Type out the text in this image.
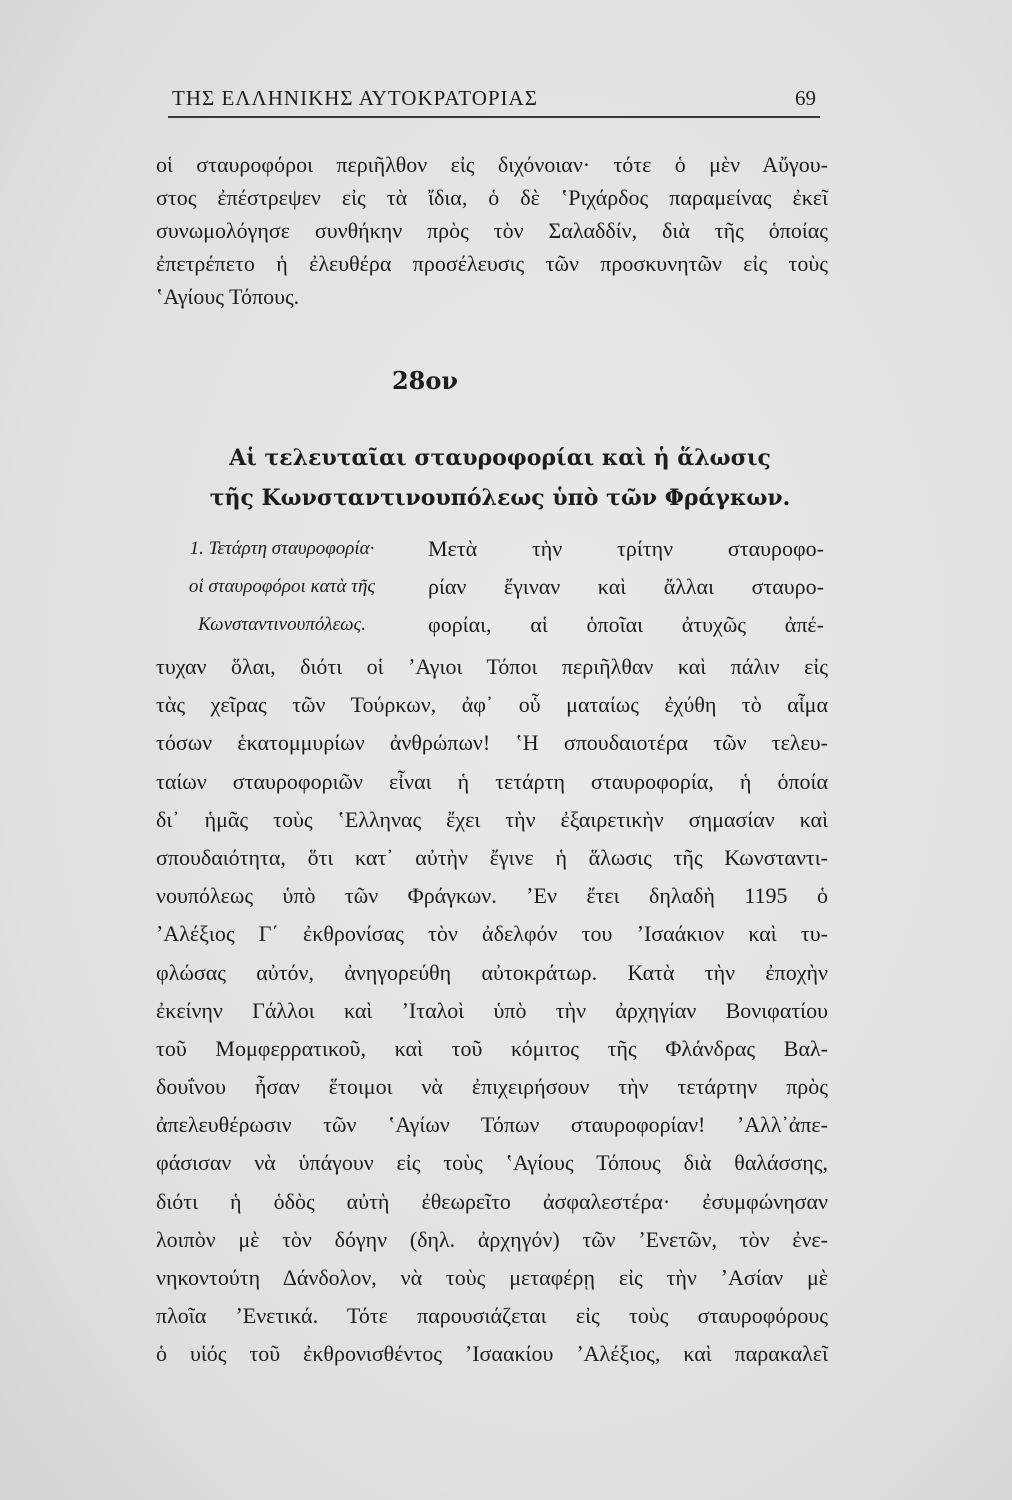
ΤΗΣ ΕΛΛΗΝΙΚΗΣ ΑΥΤΟΚΡΑΤΟΡΙΑΣ	69
οἱ σταυροφόροι περιῆλθον εἰς διχόνοιαν· τότε ὁ μὲν Αὔγου-
στος ἐπέστρεψεν εἰς τὰ ἴδια, ὁ δὲ ʽΡιχάρδος παραμείνας ἐκεῖ
συνωμολόγησε συνθήκην πρὸς τὸν Σαλαδδίν, διὰ τῆς ὁποίας
ἐπετρέπετο ἡ ἐλευθέρα προσέλευσις τῶν προσκυνητῶν εἰς τοὺς
ʽΑγίους Τόπους.
28ον
Αἱ τελευταῖαι σταυροφορίαι καὶ ἡ ἅλωσις
τῆς Κωνσταντινουπόλεως ὑπὸ τῶν Φράγκων.
1. Τετάρτη σταυροφορία·
οἱ σταυροφόροι κατὰ τῆς
Κωνσταντινουπόλεως.
Μετὰ τὴν τρίτην σταυροφο-
ρίαν ἔγιναν καὶ ἄλλαι σταυρο-
φορίαι, αἱ ὁποῖαι ἀτυχῶς ἀπέ-
τυχαν ὅλαι, διότι οἱ ʼΑγιοι Τόποι περιῆλθαν καὶ πάλιν εἰς
τὰς χεῖρας τῶν Τούρκων, ἀφ᾽ οὗ ματαίως ἐχύθη τὸ αἷμα
τόσων ἑκατομμυρίων ἀνθρώπων! ʽΗ σπουδαιοτέρα τῶν τελευ-
ταίων σταυροφοριῶν εἶναι ἡ τετάρτη σταυροφορία, ἡ ὁποία
δι᾽ ἡμᾶς τοὺς ʽΕλληνας ἔχει τὴν ἐξαιρετικὴν σημασίαν καὶ
σπουδαιότητα, ὅτι κατ᾽ αὐτὴν ἔγινε ἡ ἅλωσις τῆς Κωνσταντι-
νουπόλεως ὑπὸ τῶν Φράγκων. ʼΕν ἔτει δηλαδὴ 1195 ὁ
ʼΑλέξιος Γ΄ ἐκθρονίσας τὸν ἀδελφόν του ʼΙσαάκιον καὶ τυ-
φλώσας αὐτόν, ἀνηγορεύθη αὐτοκράτωρ. Κατὰ τὴν ἐποχὴν
ἐκείνην Γάλλοι καὶ ʼΙταλοὶ ὑπὸ τὴν ἀρχηγίαν Βονιφατίου
τοῦ Μομφερρατικοῦ, καὶ τοῦ κόμιτος τῆς Φλάνδρας Βαλ-
δουΐνου ἦσαν ἕτοιμοι νὰ ἐπιχειρήσουν τὴν τετάρτην πρὸς
ἀπελευθέρωσιν τῶν ʽΑγίων Τόπων σταυροφορίαν! ʼΑλλ᾽ἀπε-
φάσισαν νὰ ὑπάγουν εἰς τοὺς ʽΑγίους Τόπους διὰ θαλάσσης,
διότι ἡ ὁδὸς αὐτὴ ἐθεωρεῖτο ἀσφαλεστέρα· ἐσυμφώνησαν
λοιπὸν μὲ τὸν δόγην (δηλ. ἀρχηγόν) τῶν ʼΕνετῶν, τὸν ἐνε-
νηκοντούτη Δάνδολον, νὰ τοὺς μεταφέρῃ εἰς τὴν ʼΑσίαν μὲ
πλοῖα ʼΕνετικά. Τότε παρουσιάζεται εἰς τοὺς σταυροφόρους
ὁ υἱός τοῦ ἐκθρονισθέντος ʼΙσαακίου ʼΑλέξιος, καὶ παρακαλεῖ
